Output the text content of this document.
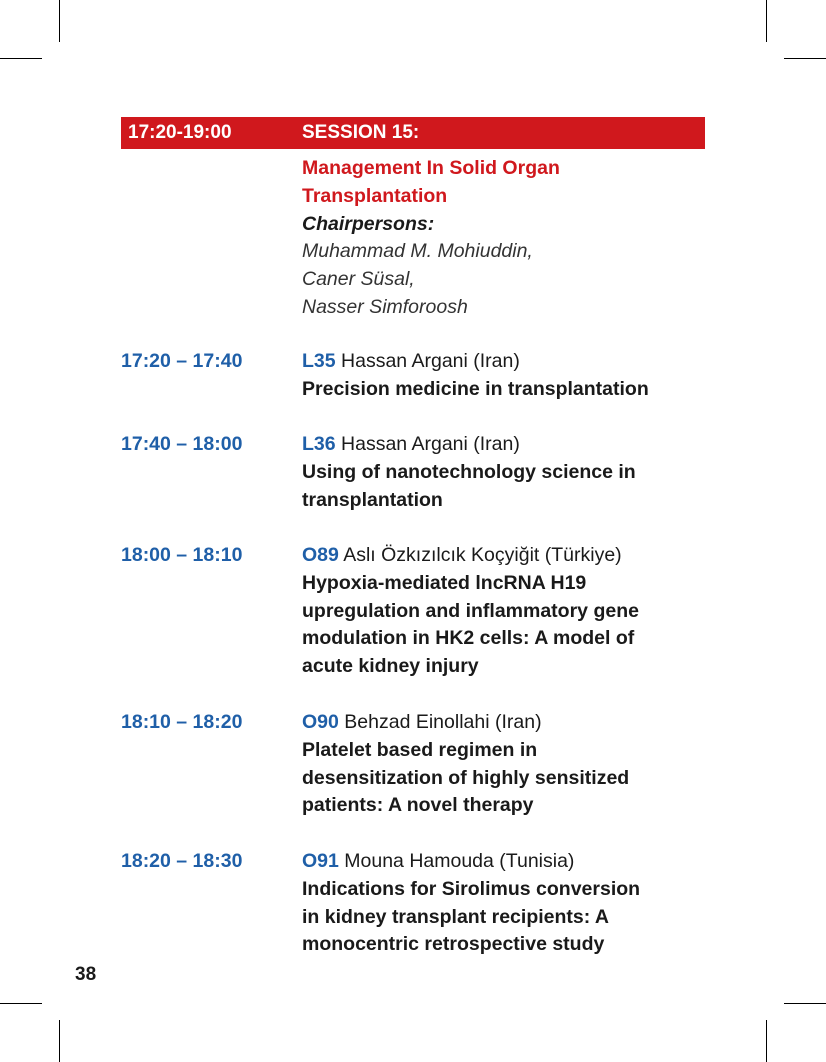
17:20-19:00	SESSION 15:
Management In Solid Organ
Transplantation
Chairpersons:
Muhammad M. Mohiuddin,
Caner Süsal,
Nasser Simforoosh
17:20 – 17:40	L35 Hassan Argani (Iran)
Precision medicine in transplantation
17:40 – 18:00	L36 Hassan Argani (Iran)
Using of nanotechnology science in
transplantation
18:00 – 18:10	O89 Aslı Özkızılcık Koçyiğit (Türkiye)
Hypoxia-mediated lncRNA H19
upregulation and inflammatory gene
modulation in HK2 cells: A model of
acute kidney injury
18:10 – 18:20	O90 Behzad Einollahi (Iran)
Platelet based regimen in
desensitization of highly sensitized
patients: A novel therapy
18:20 – 18:30	O91 Mouna Hamouda (Tunisia)
Indications for Sirolimus conversion
in kidney transplant recipients: A
monocentric retrospective study
38
